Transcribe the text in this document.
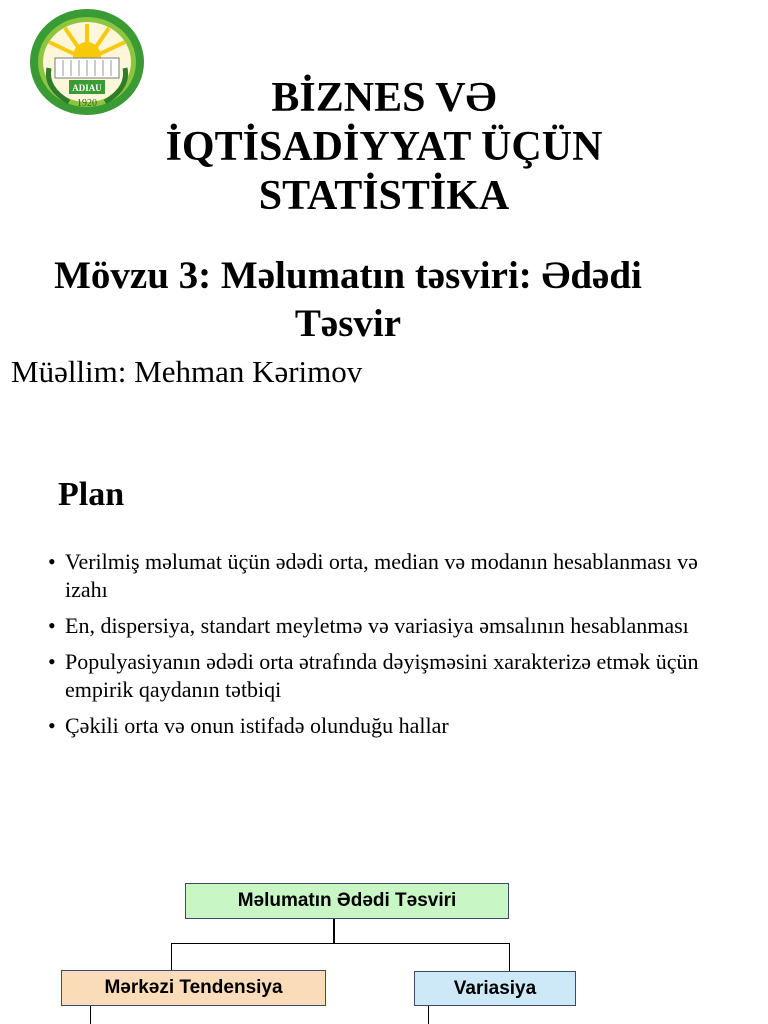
ADIAU
1920	BİZNES VƏ
İQTİSADİYYAT ÜÇÜN
STATİSTİKA
Mövzu 3: Məlumatın təsviri: Ədədi
Təsvir
Müəllim: Mehman Kərimov
Plan
• Verilmiş məlumat üçün ədədi orta, median və modanın hesablanması və izahı
• En, dispersiya, standart meyletmə və variasiya əmsalının hesablanması
• Populyasiyanın ədədi orta ətrafında dəyişməsini xarakterizə etmək üçün empirik qaydanın tətbiqi
• Çəkili orta və onun istifadə olunduğu hallar
Məlumatın Ədədi Təsviri
Mərkəzi Tendensiya	Variasiya
